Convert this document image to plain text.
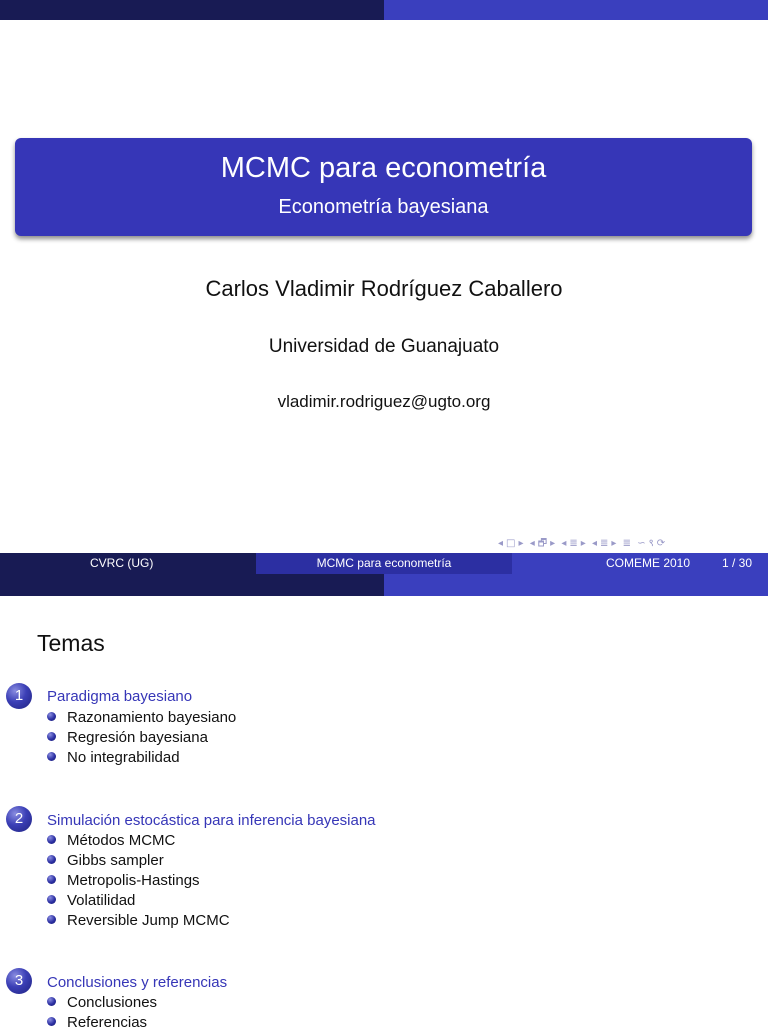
MCMC para econometría
Econometría bayesiana
Carlos Vladimir Rodríguez Caballero
Universidad de Guanajuato
vladimir.rodriguez@ugto.org
◂ □ ▸ ◂ 🗗 ▸ ◂ ≣ ▸ ◂ ≣ ▸ ≣ ∽ ९ ⟳
CVRC (UG)	MCMC para econometría	COMEME 2010	1 / 30
Temas
1	Paradigma bayesiano
Razonamiento bayesiano
Regresión bayesiana
No integrabilidad
2	Simulación estocástica para inferencia bayesiana
Métodos MCMC
Gibbs sampler
Metropolis-Hastings
Volatilidad
Reversible Jump MCMC
3	Conclusiones y referencias
Conclusiones
Referencias
